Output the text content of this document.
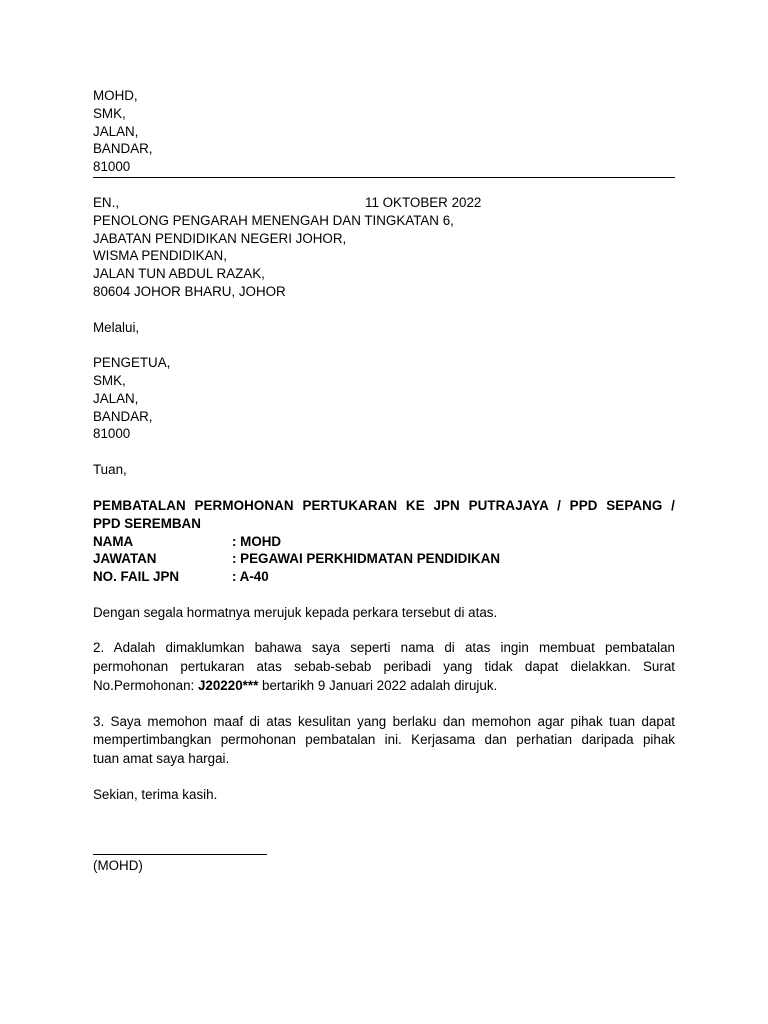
MOHD,
SMK,
JALAN,
BANDAR,
81000
EN.,	11 OKTOBER 2022
PENOLONG PENGARAH MENENGAH DAN TINGKATAN 6,
JABATAN PENDIDIKAN NEGERI JOHOR,
WISMA PENDIDIKAN,
JALAN TUN ABDUL RAZAK,
80604 JOHOR BHARU, JOHOR
Melalui,
PENGETUA,
SMK,
JALAN,
BANDAR,
81000
Tuan,
PEMBATALAN PERMOHONAN PERTUKARAN KE JPN PUTRAJAYA / PPD SEPANG /
PPD SEREMBAN
NAMA	: MOHD
JAWATAN	: PEGAWAI PERKHIDMATAN PENDIDIKAN
NO. FAIL JPN	: A-40
Dengan segala hormatnya merujuk kepada perkara tersebut di atas.
2. Adalah dimaklumkan bahawa saya seperti nama di atas ingin membuat pembatalan
permohonan pertukaran atas sebab-sebab peribadi yang tidak dapat dielakkan. Surat
No.Permohonan: J20220*** bertarikh 9 Januari 2022 adalah dirujuk.
3. Saya memohon maaf di atas kesulitan yang berlaku dan memohon agar pihak tuan dapat
mempertimbangkan permohonan pembatalan ini. Kerjasama dan perhatian daripada pihak
tuan amat saya hargai.
Sekian, terima kasih.
(MOHD)
